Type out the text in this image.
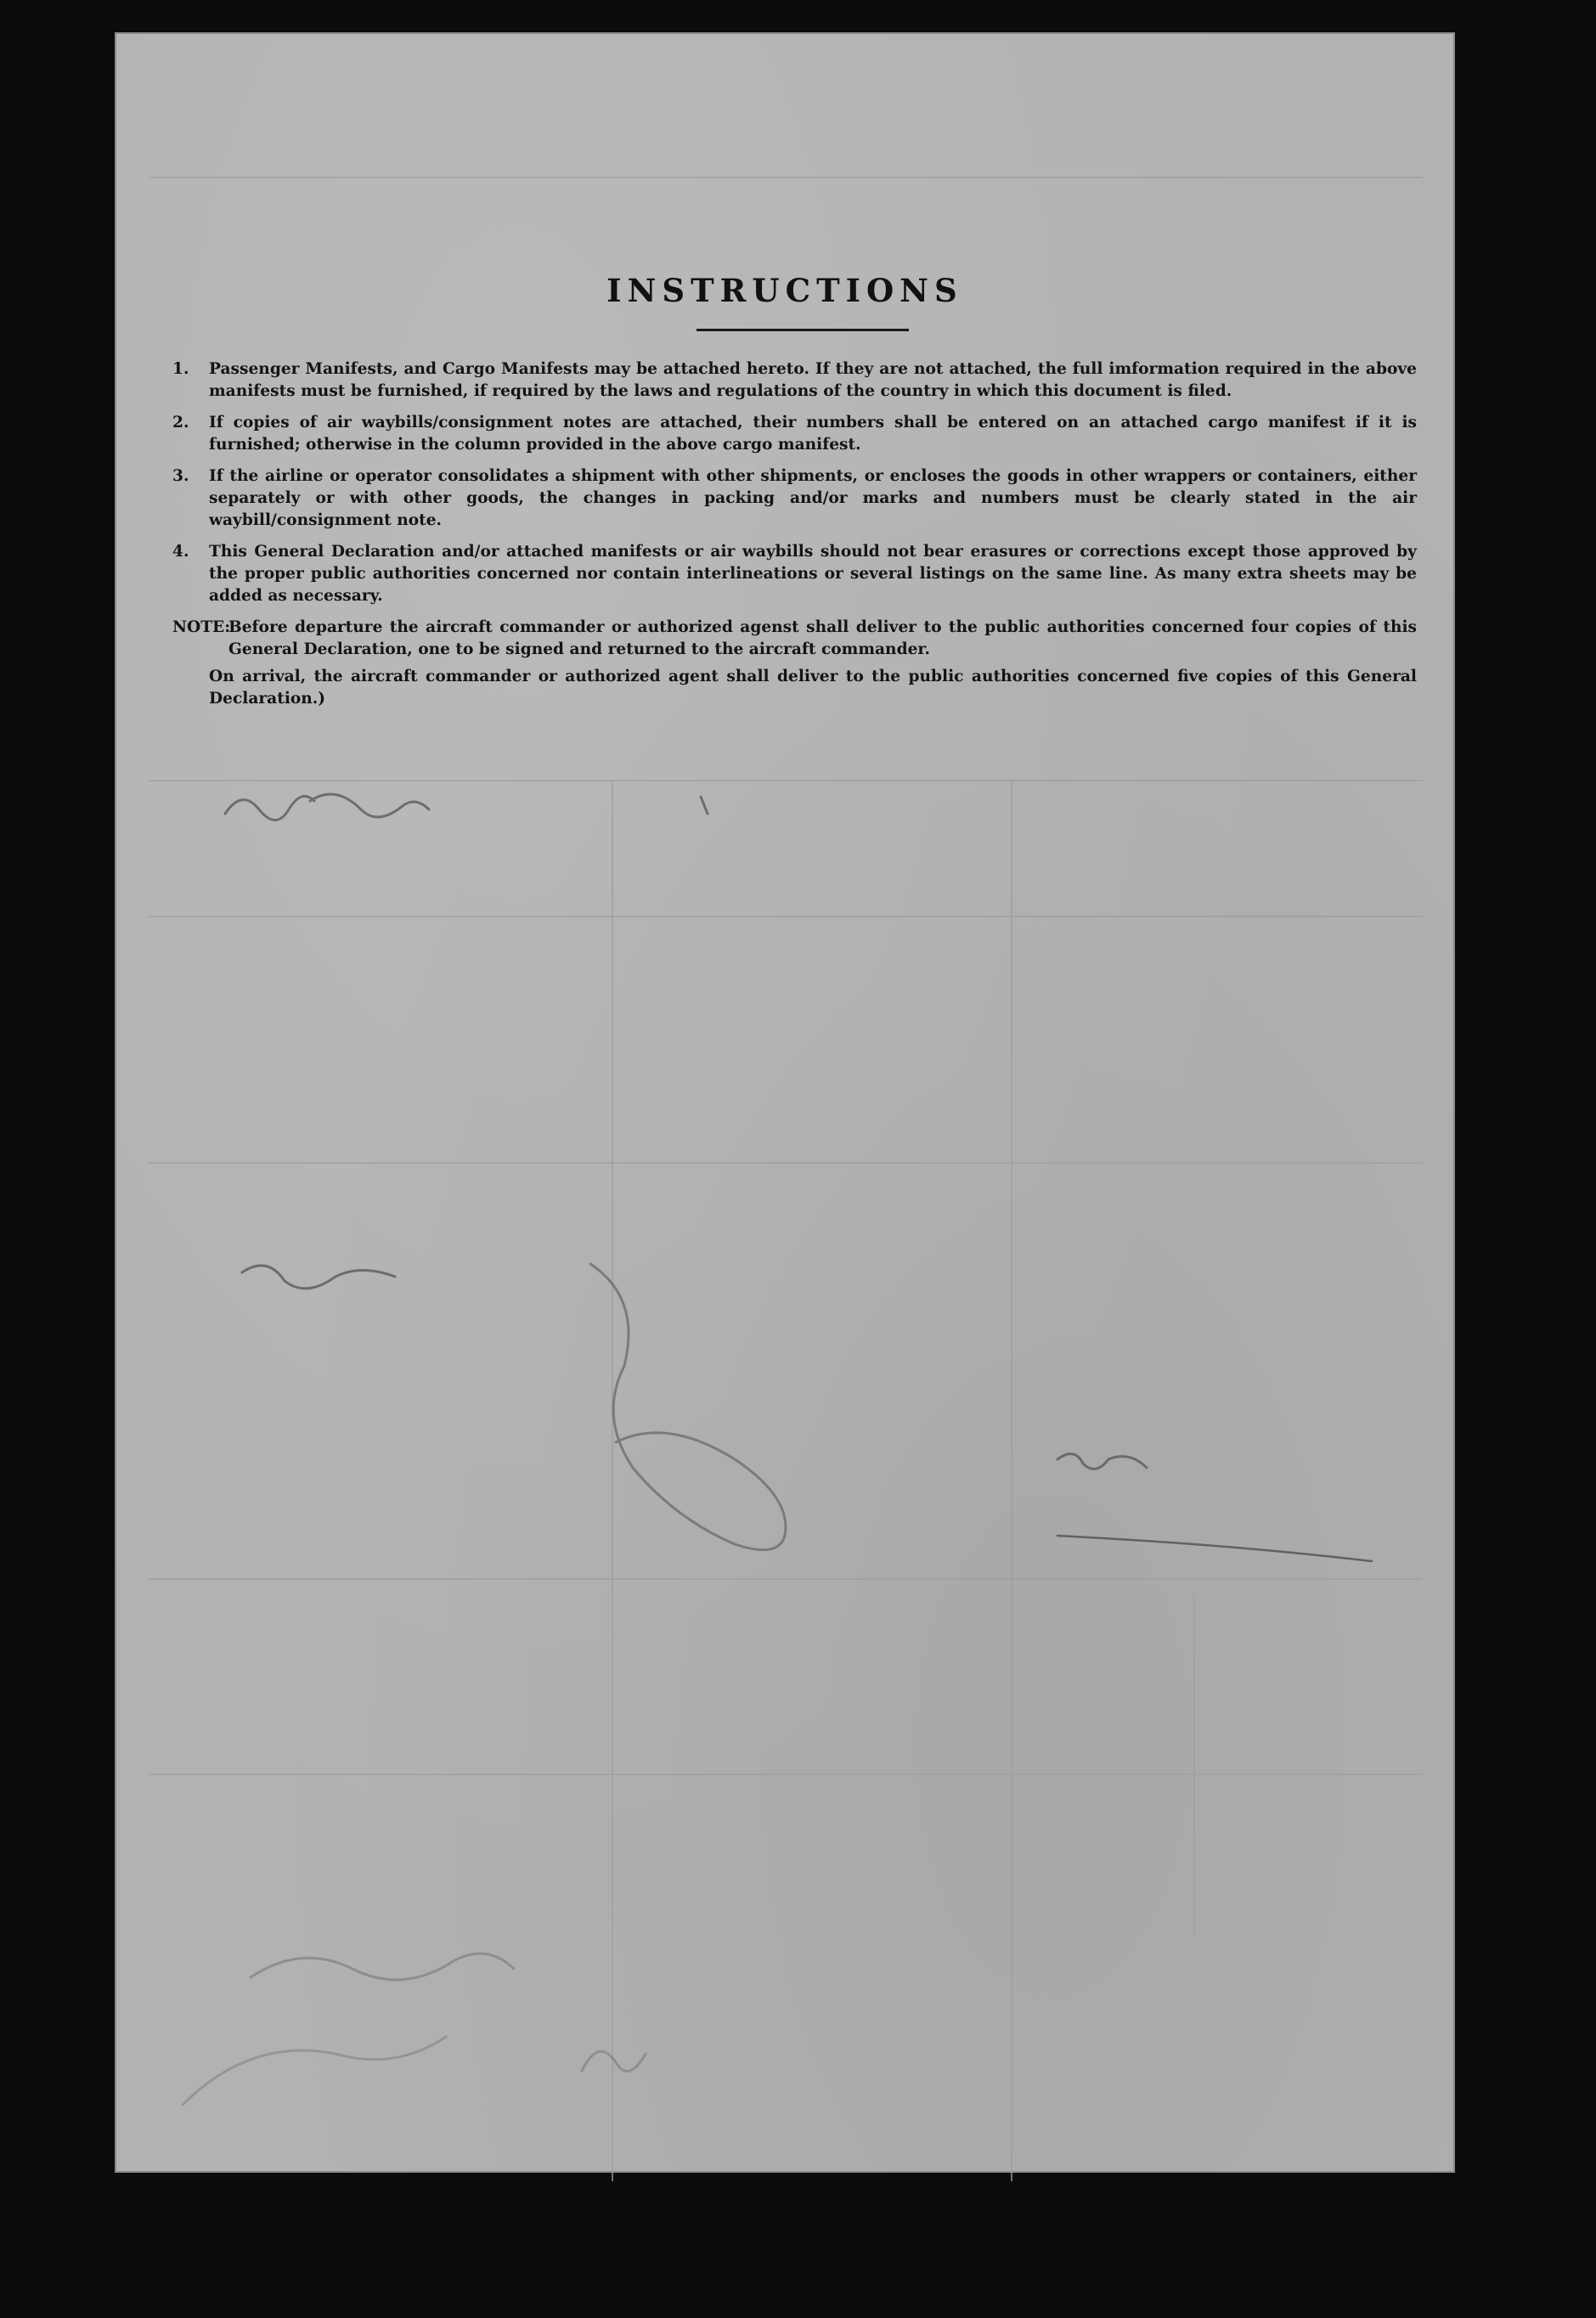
INSTRUCTIONS
1.	Passenger Manifests, and Cargo Manifests may be attached hereto. If they are not attached, the full imformation required in the above manifests must be furnished, if required by the laws and regulations of the country in which this document is filed.
2.	If copies of air waybills/consignment notes are attached, their numbers shall be entered on an attached cargo manifest if it is furnished; otherwise in the column provided in the above cargo manifest.
3.	If the airline or operator consolidates a shipment with other shipments, or encloses the goods in other wrappers or containers, either separately or with other goods, the changes in packing and/or marks and numbers must be clearly stated in the air waybill/consignment note.
4.	This General Declaration and/or attached manifests or air waybills should not bear erasures or corrections except those approved by the proper public authorities concerned nor contain interlineations or several listings on the same line. As many extra sheets may be added as necessary.
NOTE:
Before departure the aircraft commander or authorized agenst shall deliver to the public authorities concerned four copies of this General Declaration, one to be signed and returned to the aircraft commander.
On arrival, the aircraft commander or authorized agent shall deliver to the public authorities concerned five copies of this General Declaration.)
